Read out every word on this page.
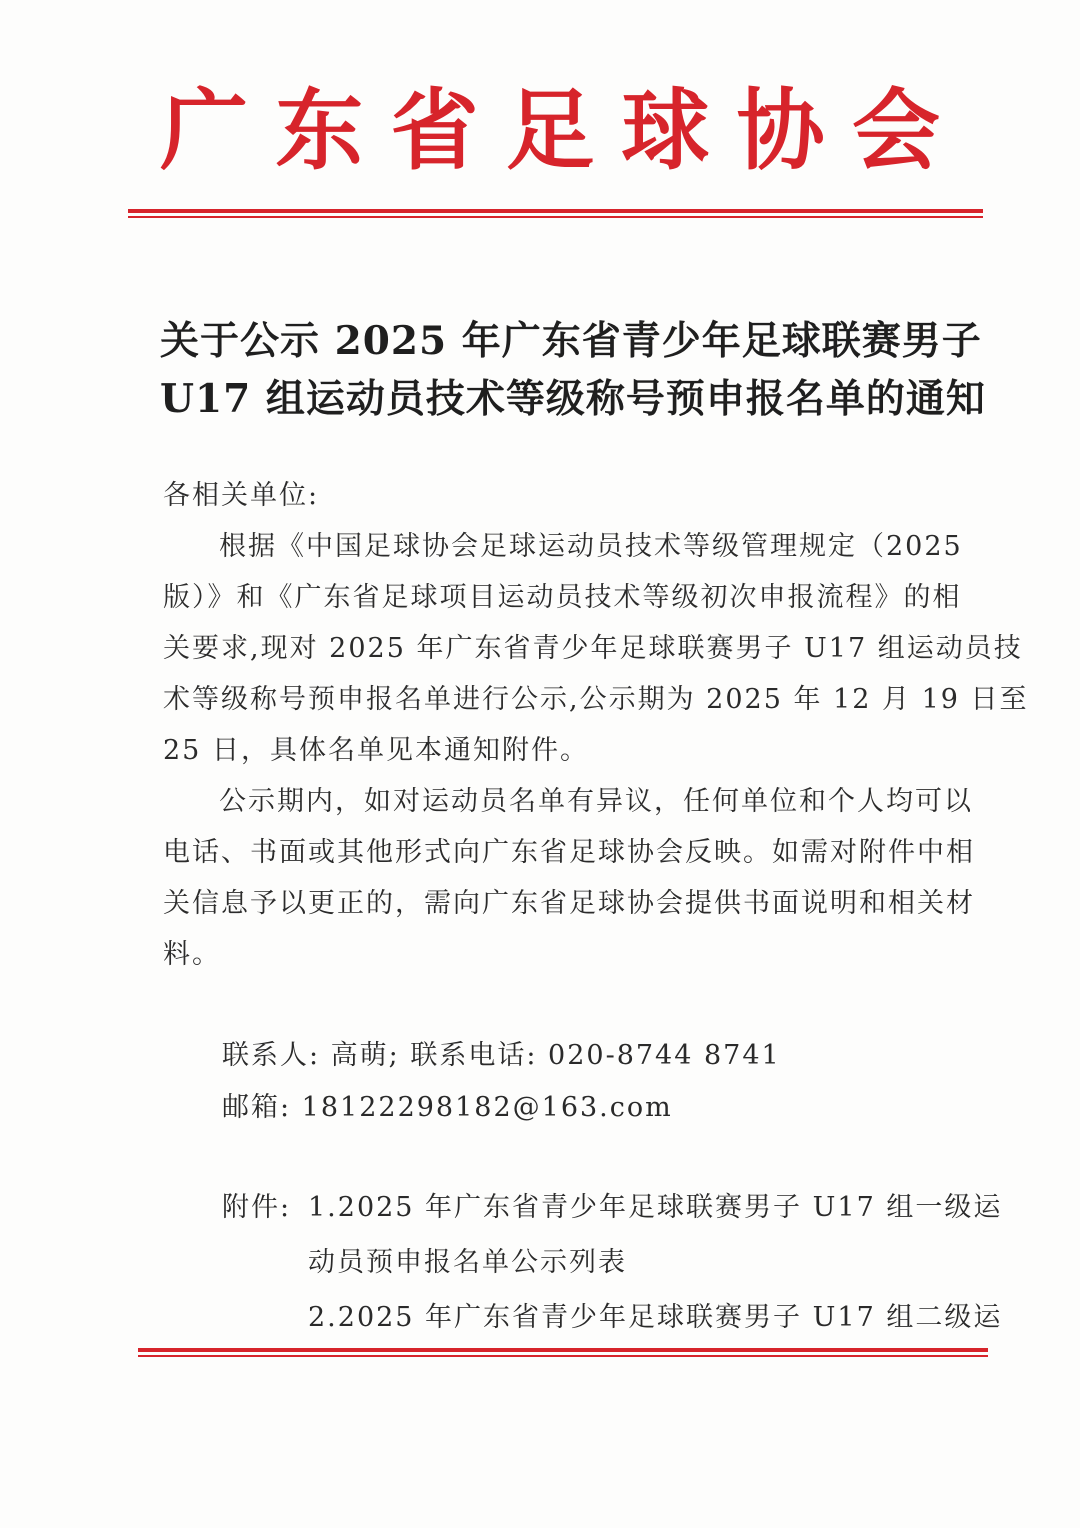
广 东 省 足 球 协 会
关于公示 2025 年广东省青少年足球联赛男子
U17 组运动员技术等级称号预申报名单的通知
各相关单位:
根据《中国足球协会足球运动员技术等级管理规定（2025
版）》和《广东省足球项目运动员技术等级初次申报流程》的相
关要求,现对 2025 年广东省青少年足球联赛男子 U17 组运动员技
术等级称号预申报名单进行公示,公示期为 2025 年 12 月 19 日至
25 日，具体名单见本通知附件。
公示期内，如对运动员名单有异议，任何单位和个人均可以
电话、书面或其他形式向广东省足球协会反映。如需对附件中相
关信息予以更正的，需向广东省足球协会提供书面说明和相关材
料。
联系人: 高萌; 联系电话: 020-8744 8741
邮箱: 18122298182@163.com
附件: 1.2025 年广东省青少年足球联赛男子 U17 组一级运
动员预申报名单公示列表
2.2025 年广东省青少年足球联赛男子 U17 组二级运
